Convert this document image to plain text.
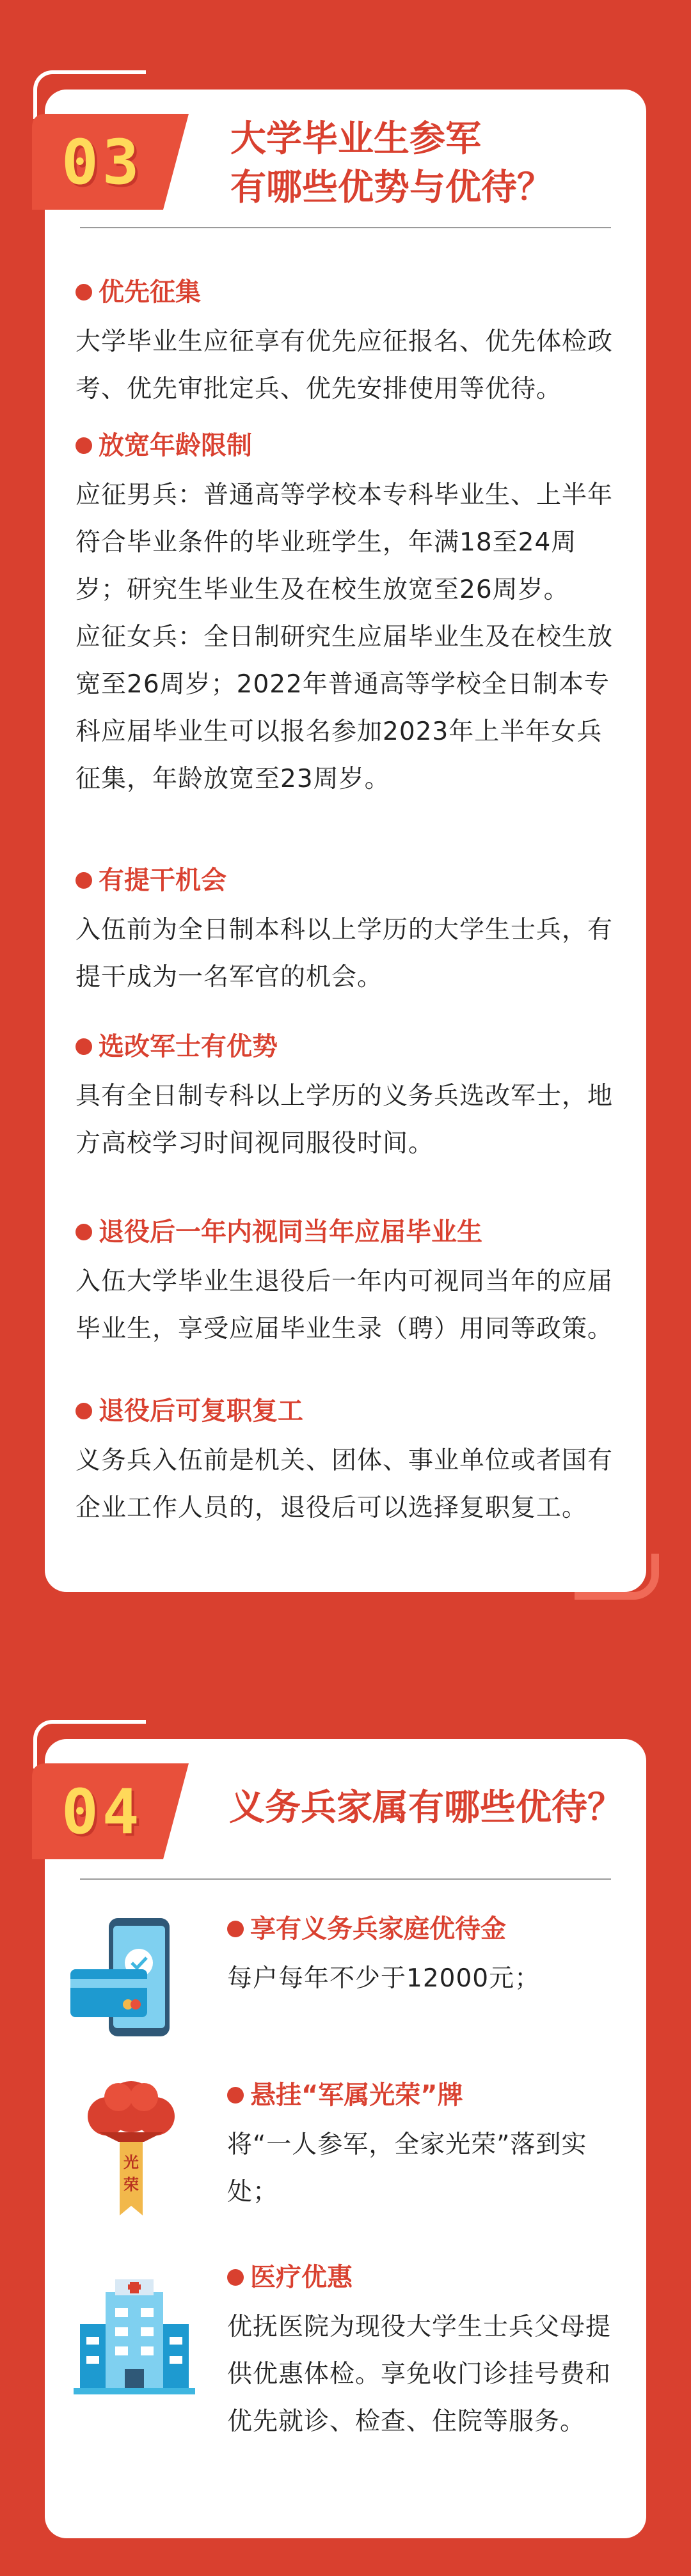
03 大学毕业生参军
有哪些优势与优待？
优先征集
大学毕业生应征享有优先应征报名、优先体检政考、优先审批定兵、优先安排使用等优待。
放宽年龄限制
应征男兵：普通高等学校本专科毕业生、上半年符合毕业条件的毕业班学生，年满18至24周岁；研究生毕业生及在校生放宽至26周岁。
应征女兵：全日制研究生应届毕业生及在校生放宽至26周岁；2022年普通高等学校全日制本专科应届毕业生可以报名参加2023年上半年女兵征集，年龄放宽至23周岁。
有提干机会
入伍前为全日制本科以上学历的大学生士兵，有提干成为一名军官的机会。
选改军士有优势
具有全日制专科以上学历的义务兵选改军士，地方高校学习时间视同服役时间。
退役后一年内视同当年应届毕业生
入伍大学毕业生退役后一年内可视同当年的应届毕业生，享受应届毕业生录（聘）用同等政策。
退役后可复职复工
义务兵入伍前是机关、团体、事业单位或者国有企业工作人员的，退役后可以选择复职复工。
04 义务兵家属有哪些优待？
享有义务兵家庭优待金
每户每年不少于12000元；
光
荣
悬挂“军属光荣”牌
将“一人参军，全家光荣”落到实处；
医疗优惠
优抚医院为现役大学生士兵父母提供优惠体检。享免收门诊挂号费和优先就诊、检查、住院等服务。
